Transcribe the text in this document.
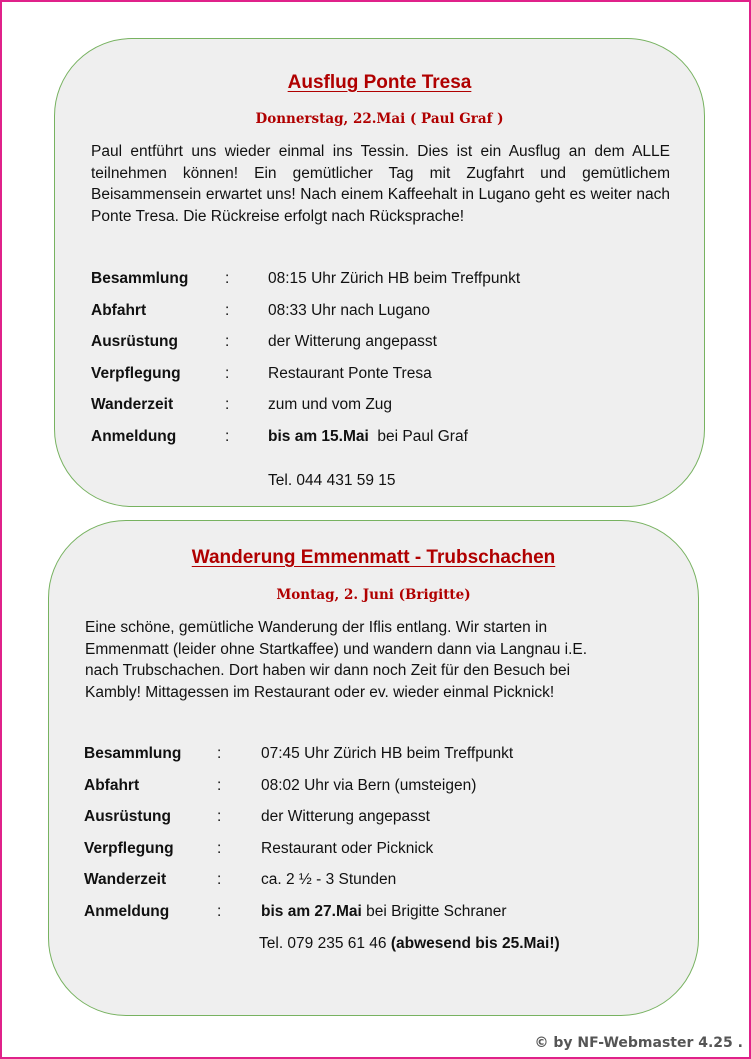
Ausflug Ponte Tresa
Donnerstag, 22.Mai ( Paul Graf )
Paul entführt uns wieder einmal ins Tessin. Dies ist ein Ausflug an dem ALLE teilnehmen können! Ein gemütlicher Tag mit Zugfahrt und gemütlichem Beisammensein erwartet uns! Nach einem Kaffeehalt in Lugano geht es weiter nach Ponte Tresa. Die Rückreise erfolgt nach Rücksprache!
Besammlung : 08:15 Uhr Zürich HB beim Treffpunkt
Abfahrt	: 08:33 Uhr nach Lugano
Ausrüstung	: der Witterung angepasst
Verpflegung	: Restaurant Ponte Tresa
Wanderzeit	: zum und vom Zug
Anmeldung	: bis am 15.Mai  bei Paul Graf
Tel. 044 431 59 15
Wanderung Emmenmatt - Trubschachen
Montag, 2. Juni (Brigitte)
Eine schöne, gemütliche Wanderung der Iflis entlang. Wir starten in
Emmenmatt (leider ohne Startkaffee) und wandern dann via Langnau i.E.
nach Trubschachen. Dort haben wir dann noch Zeit für den Besuch bei
Kambly! Mittagessen im Restaurant oder ev. wieder einmal Picknick!
Besammlung :	07:45 Uhr Zürich HB beim Treffpunkt
Abfahrt	:	08:02 Uhr via Bern (umsteigen)
Ausrüstung	:	der Witterung angepasst
Verpflegung	:	Restaurant oder Picknick
Wanderzeit	:	ca. 2 ½ - 3 Stunden
Anmeldung	:	bis am 27.Mai bei Brigitte Schraner
Tel. 079 235 61 46 (abwesend bis 25.Mai!)
© by NF-Webmaster 4.25 .
